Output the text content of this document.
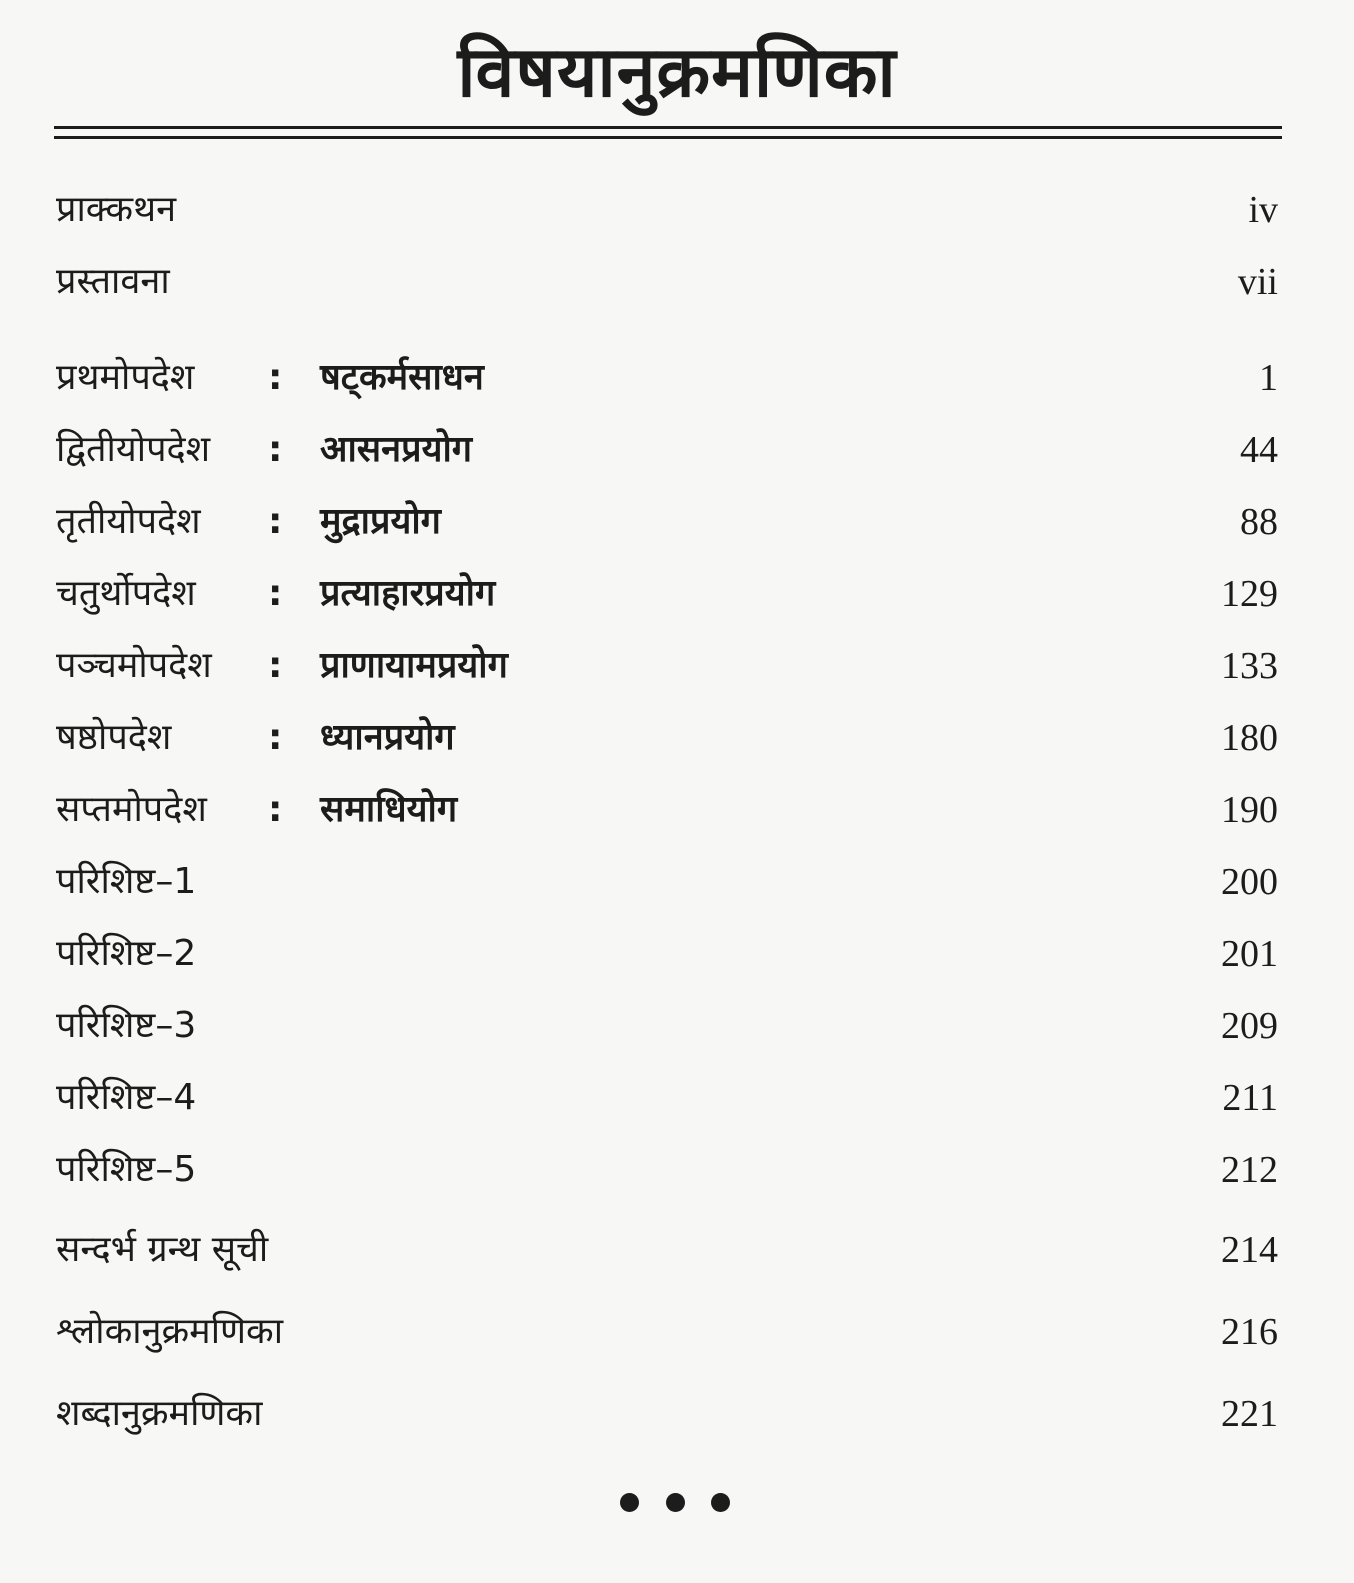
विषयानुक्रमणिका
प्राक्कथन	iv
प्रस्तावना	vii
प्रथमोपदेश : षट्कर्मसाधन	1
द्वितीयोपदेश : आसनप्रयोग	44
तृतीयोपदेश : मुद्राप्रयोग	88
चतुर्थोपदेश : प्रत्याहारप्रयोग	129
पञ्चमोपदेश : प्राणायामप्रयोग	133
षष्ठोपदेश	: ध्यानप्रयोग	180
सप्तमोपदेश : समाधियोग	190
परिशिष्ट–1	200
परिशिष्ट–2	201
परिशिष्ट–3	209
परिशिष्ट–4	211
परिशिष्ट–5	212
सन्दर्भ ग्रन्थ सूची	214
श्लोकानुक्रमणिका	216
शब्दानुक्रमणिका	221
